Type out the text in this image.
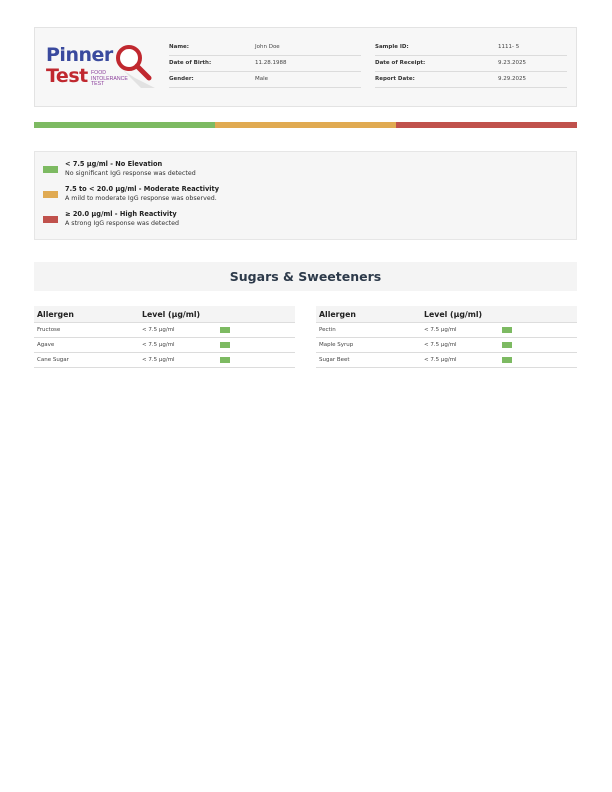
Pinner
Test FOOD
INTOLERANCE
TEST
Name:	John Doe
Date of Birth:	11.28.1988
Gender:	Male
Sample ID:	1111- 5
Date of Receipt:	9.23.2025
Report Date:	9.29.2025
< 7.5 µg/ml - No Elevation
No significant IgG response was detected
7.5 to < 20.0 µg/ml - Moderate Reactivity
A mild to moderate IgG response was observed.
≥ 20.0 µg/ml - High Reactivity
A strong IgG response was detected
Sugars & Sweeteners
Allergen	Level (µg/ml)
Fructose	< 7.5 µg/ml
Agave	< 7.5 µg/ml
Cane Sugar	< 7.5 µg/ml
Allergen	Level (µg/ml)
Pectin	< 7.5 µg/ml
Maple Syrup	< 7.5 µg/ml
Sugar Beet	< 7.5 µg/ml
